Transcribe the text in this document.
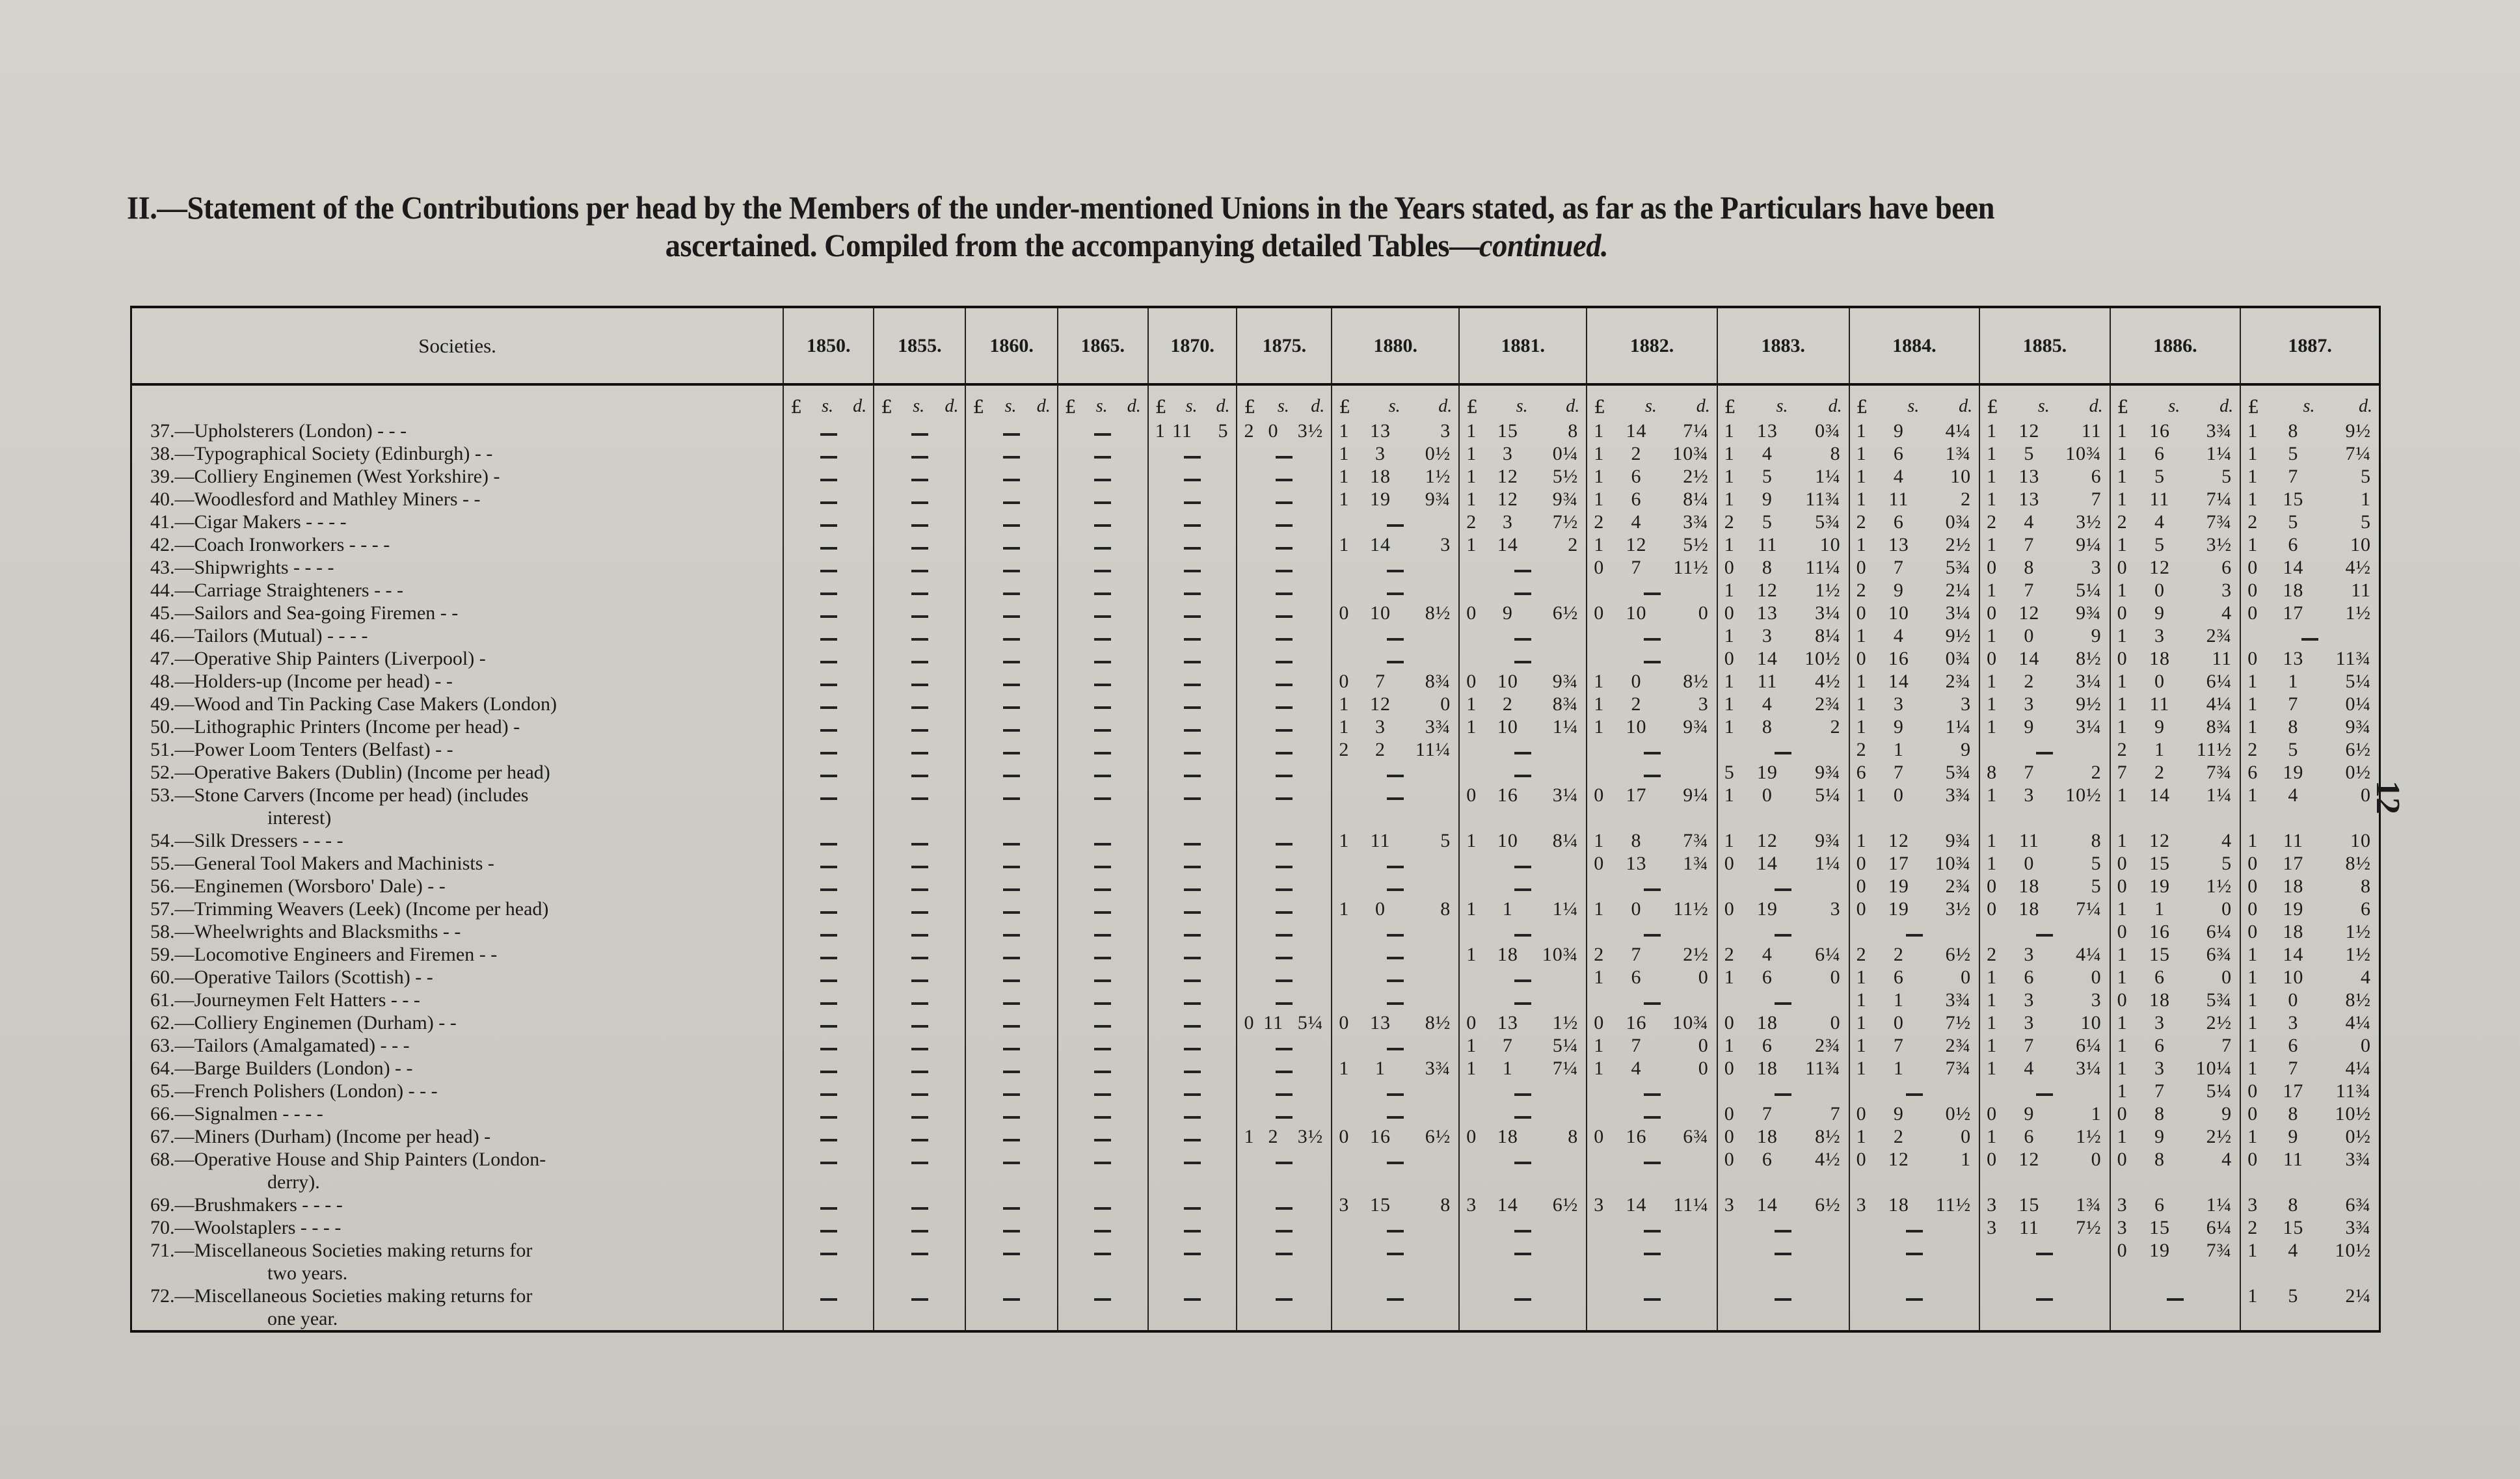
II.—Statement of the Contributions per head by the Members of the under-mentioned Unions in the Years stated, as far as the Particulars have been
ascertained. Compiled from the accompanying detailed Tables—continued.
Societies.	1850.	1855.	1860.	1865.	1870.	1875.	1880.	1881.	1882.	1883.	1884.	1885.	1886.	1887.

	£ s. d.	£ s. d.	£ s. d.	£ s. d.	£ s. d.	£ s. d.	£ s. d.	£ s. d.	£ s. d.	£ s. d.	£ s. d.	£ s. d.	£ s. d.	£ s. d.

37.—Upholsterers (London) - - -					1 11 5	2 0 3½	1 13 3	1 15 8	1 14 7¼	1 13 0¾	1 9 4¼	1 12 11	1 16 3¾	1 8 9½

38.—Typographical Society (Edinburgh) - -							1 3 0½	1 3 0¼	1 2 10¾	1 4 8	1 6 1¾	1 5 10¾	1 6 1¼	1 5 7¼

39.—Colliery Enginemen (West Yorkshire) -							1 18 1½	1 12 5½	1 6 2½	1 5 1¼	1 4 10	1 13 6	1 5 5	1 7 5

40.—Woodlesford and Mathley Miners - -							1 19 9¾	1 12 9¾	1 6 8¼	1 9 11¾	1 11 2	1 13 7	1 11 7¼	1 15 1

41.—Cigar Makers - - - -								2 3 7½	2 4 3¾	2 5 5¾	2 6 0¾	2 4 3½	2 4 7¾	2 5 5

42.—Coach Ironworkers - - - -							1 14 3	1 14 2	1 12 5½	1 11 10	1 13 2½	1 7 9¼	1 5 3½	1 6 10

43.—Shipwrights - - - -									0 7 11½	0 8 11¼	0 7 5¾	0 8 3	0 12 6	0 14 4½

44.—Carriage Straighteners - - -										1 12 1½	2 9 2¼	1 7 5¼	1 0 3	0 18 11

45.—Sailors and Sea-going Firemen - -							0 10 8½	0 9 6½	0 10 0	0 13 3¼	0 10 3¼	0 12 9¾	0 9 4	0 17 1½

46.—Tailors (Mutual) - - - -										1 3 8¼	1 4 9½	1 0 9	1 3 2¾	

47.—Operative Ship Painters (Liverpool) -										0 14 10½	0 16 0¾	0 14 8½	0 18 11	0 13 11¾

48.—Holders-up (Income per head) - -							0 7 8¾	0 10 9¾	1 0 8½	1 11 4½	1 14 2¾	1 2 3¼	1 0 6¼	1 1 5¼

49.—Wood and Tin Packing Case Makers (London)							1 12 0	1 2 8¾	1 2 3	1 4 2¾	1 3 3	1 3 9½	1 11 4¼	1 7 0¼

50.—Lithographic Printers (Income per head) -							1 3 3¾	1 10 1¼	1 10 9¾	1 8 2	1 9 1¼	1 9 3¼	1 9 8¾	1 8 9¾

51.—Power Loom Tenters (Belfast) - -							2 2 11¼				2 1 9		2 1 11½	2 5 6½

52.—Operative Bakers (Dublin) (Income per head)										5 19 9¾	6 7 5¾	8 7 2	7 2 7¾	6 19 0½

53.—Stone Carvers (Income per head) (includes
interest)								0 16 3¼	0 17 9¼	1 0 5¼	1 0 3¾	1 3 10½	1 14 1¼	1 4 0

54.—Silk Dressers - - - -							1 11 5	1 10 8¼	1 8 7¾	1 12 9¾	1 12 9¾	1 11 8	1 12 4	1 11 10

55.—General Tool Makers and Machinists -									0 13 1¾	0 14 1¼	0 17 10¾	1 0 5	0 15 5	0 17 8½

56.—Enginemen (Worsboro' Dale) - -											0 19 2¾	0 18 5	0 19 1½	0 18 8

57.—Trimming Weavers (Leek) (Income per head)							1 0 8	1 1 1¼	1 0 11½	0 19 3	0 19 3½	0 18 7¼	1 1 0	0 19 6

58.—Wheelwrights and Blacksmiths - -													0 16 6¼	0 18 1½

59.—Locomotive Engineers and Firemen - -								1 18 10¾	2 7 2½	2 4 6¼	2 2 6½	2 3 4¼	1 15 6¾	1 14 1½

60.—Operative Tailors (Scottish) - -									1 6 0	1 6 0	1 6 0	1 6 0	1 6 0	1 10 4

61.—Journeymen Felt Hatters - - -											1 1 3¾	1 3 3	0 18 5¾	1 0 8½

62.—Colliery Enginemen (Durham) - -						0 11 5¼	0 13 8½	0 13 1½	0 16 10¾	0 18 0	1 0 7½	1 3 10	1 3 2½	1 3 4¼

63.—Tailors (Amalgamated) - - -								1 7 5¼	1 7 0	1 6 2¾	1 7 2¾	1 7 6¼	1 6 7	1 6 0

64.—Barge Builders (London) - -							1 1 3¾	1 1 7¼	1 4 0	0 18 11¾	1 1 7¾	1 4 3¼	1 3 10¼	1 7 4¼

65.—French Polishers (London) - - -													1 7 5¼	0 17 11¾

66.—Signalmen - - - -										0 7 7	0 9 0½	0 9 1	0 8 9	0 8 10½

67.—Miners (Durham) (Income per head) -						1 2 3½	0 16 6½	0 18 8	0 16 6¾	0 18 8½	1 2 0	1 6 1½	1 9 2½	1 9 0½

68.—Operative House and Ship Painters (London-
derry).										0 6 4½	0 12 1	0 12 0	0 8 4	0 11 3¾

69.—Brushmakers - - - -							3 15 8	3 14 6½	3 14 11¼	3 14 6½	3 18 11½	3 15 1¾	3 6 1¼	3 8 6¾

70.—Woolstaplers - - - -												3 11 7½	3 15 6¼	2 15 3¾

71.—Miscellaneous Societies making returns for
two years.													0 19 7¾	1 4 10½

72.—Miscellaneous Societies making returns for
one year.														1 5 2¼
12
